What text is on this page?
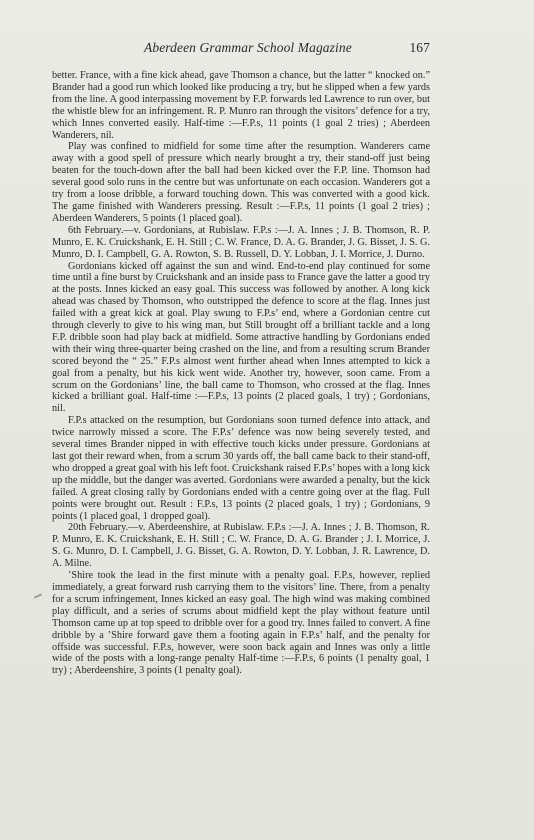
Aberdeen Grammar School Magazine	167

better. France, with a fine kick ahead, gave Thomson a chance, but the latter “ knocked on.” Brander had a good run which looked like producing a try, but he slipped when a few yards from the line. A good interpassing movement by F.P. forwards led Lawrence to run over, but the whistle blew for an infringement. R. P. Munro ran through the visitors’ defence for a try, which Innes converted easily. Half-time :—F.P.s, 11 points (1 goal 2 tries) ; Aberdeen Wanderers, nil.

Play was confined to midfield for some time after the resumption. Wanderers came away with a good spell of pressure which nearly brought a try, their stand-off just being beaten for the touch-down after the ball had been kicked over the F.P. line. Thomson had several good solo runs in the centre but was unfortunate on each occasion. Wanderers got a try from a loose dribble, a forward touching down. This was converted with a good kick. The game finished with Wanderers pressing. Result :—F.P.s, 11 points (1 goal 2 tries) ; Aberdeen Wanderers, 5 points (1 placed goal).

6th February.—v. Gordonians, at Rubislaw. F.P.s :—J. A. Innes ; J. B. Thomson, R. P. Munro, E. K. Cruickshank, E. H. Still ; C. W. France, D. A. G. Brander, J. G. Bisset, J. S. G. Munro, D. I. Campbell, G. A. Rowton, S. B. Russell, D. Y. Lobban, J. I. Morrice, J. Durno.

Gordonians kicked off against the sun and wind. End-to-end play continued for some time until a fine burst by Cruickshank and an inside pass to France gave the latter a good try at the posts. Innes kicked an easy goal. This success was followed by another. A long kick ahead was chased by Thomson, who outstripped the defence to score at the flag. Innes just failed with a great kick at goal. Play swung to F.P.s’ end, where a Gordonian centre cut through cleverly to give to his wing man, but Still brought off a brilliant tackle and a long F.P. dribble soon had play back at midfield. Some attractive handling by Gordonians ended with their wing three-quarter being crashed on the line, and from a resulting scrum Brander scored beyond the “ 25.” F.P.s almost went further ahead when Innes attempted to kick a goal from a penalty, but his kick went wide. Another try, however, soon came. From a scrum on the Gordonians’ line, the ball came to Thomson, who crossed at the flag. Innes kicked a brilliant goal. Half-time :—F.P.s, 13 points (2 placed goals, 1 try) ; Gordonians, nil.

F.P.s attacked on the resumption, but Gordonians soon turned defence into attack, and twice narrowly missed a score. The F.P.s’ defence was now being severely tested, and several times Brander nipped in with effective touch kicks under pressure. Gordonians at last got their reward when, from a scrum 30 yards off, the ball came back to their stand-off, who dropped a great goal with his left foot. Cruickshank raised F.P.s’ hopes with a long kick up the middle, but the danger was averted. Gordonians were awarded a penalty, but the kick failed. A great closing rally by Gordonians ended with a centre going over at the flag. Full points were brought out. Result : F.P.s, 13 points (2 placed goals, 1 try) ; Gordonians, 9 points (1 placed goal, 1 dropped goal).

20th February.—v. Aberdeenshire, at Rubislaw. F.P.s :—J. A. Innes ; J. B. Thomson, R. P. Munro, E. K. Cruickshank, E. H. Still ; C. W. France, D. A. G. Brander ; J. I. Morrice, J. S. G. Munro, D. I. Campbell, J. G. Bisset, G. A. Rowton, D. Y. Lobban, J. R. Lawrence, D. A. Milne.

’Shire took the lead in the first minute with a penalty goal. F.P.s, however, replied immediately, a great forward rush carrying them to the visitors’ line. There, from a penalty for a scrum infringement, Innes kicked an easy goal. The high wind was making combined play difficult, and a series of scrums about midfield kept the play without feature until Thomson came up at top speed to dribble over for a good try. Innes failed to convert. A fine dribble by a ’Shire forward gave them a footing again in F.P.s’ half, and the penalty for offside was successful. F.P.s, however, were soon back again and Innes was only a little wide of the posts with a long-range penalty Half-time :—F.P.s, 6 points (1 penalty goal, 1 try) ; Aberdeenshire, 3 points (1 penalty goal).
